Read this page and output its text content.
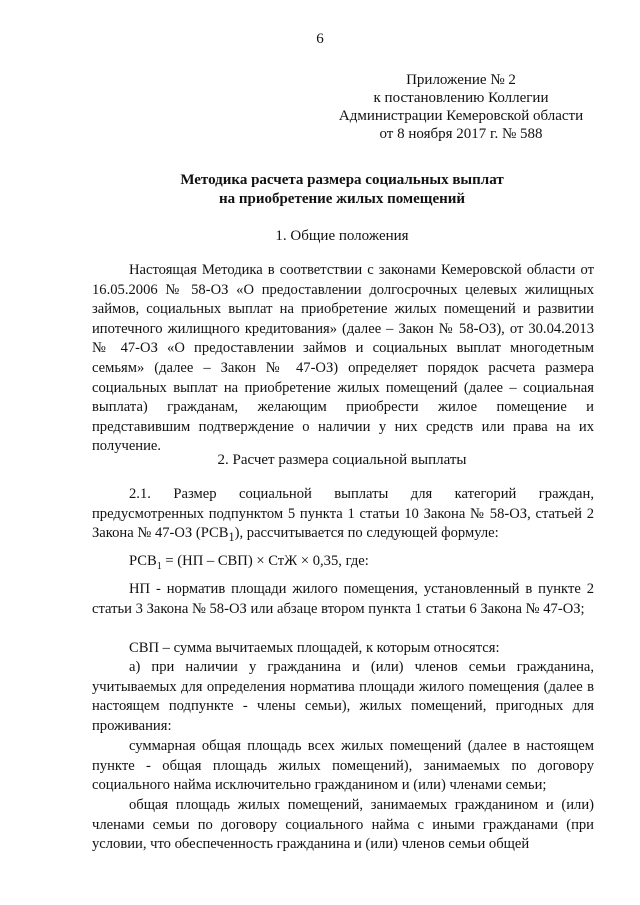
6
Приложение № 2
к постановлению Коллегии
Администрации Кемеровской области
от 8 ноября 2017 г. № 588
Методика расчета размера социальных выплат
на приобретение жилых помещений
1. Общие положения

Настоящая Методика в соответствии с законами Кемеровской области от 16.05.2006 № 58-ОЗ «О предоставлении долгосрочных целевых жилищных займов, социальных выплат на приобретение жилых помещений и развитии ипотечного жилищного кредитования» (далее – Закон № 58-ОЗ), от 30.04.2013 № 47-ОЗ «О предоставлении займов и социальных выплат многодетным семьям» (далее – Закон № 47-ОЗ) определяет порядок расчета размера социальных выплат на приобретение жилых помещений (далее – социальная выплата) гражданам, желающим приобрести жилое помещение и представившим подтверждение о наличии у них средств или права на их получение.

2. Расчет размера социальной выплаты

2.1. Размер социальной выплаты для категорий граждан, предусмотренных подпунктом 5 пункта 1 статьи 10 Закона № 58-ОЗ, статьей 2 Закона № 47-ОЗ $(РСВ_1)$, рассчитывается по следующей формуле:

$РСВ_1 = (НП - СВП)$ × СтЖ × 0,35, где:

НП - норматив площади жилого помещения, установленный в пункте 2 статьи 3 Закона № 58-ОЗ или абзаце втором пункта 1 статьи 6 Закона № 47-ОЗ;

СВП – сумма вычитаемых площадей, к которым относятся:

а) при наличии у гражданина и (или) членов семьи гражданина, учитываемых для определения норматива площади жилого помещения (далее в настоящем подпункте - члены семьи), жилых помещений, пригодных для проживания:

суммарная общая площадь всех жилых помещений (далее в настоящем пункте - общая площадь жилых помещений), занимаемых по договору социального найма исключительно гражданином и (или) членами семьи;

общая площадь жилых помещений, занимаемых гражданином и (или) членами семьи по договору социального найма с иными гражданами (при условии, что обеспеченность гражданина и (или) членов семьи общей
